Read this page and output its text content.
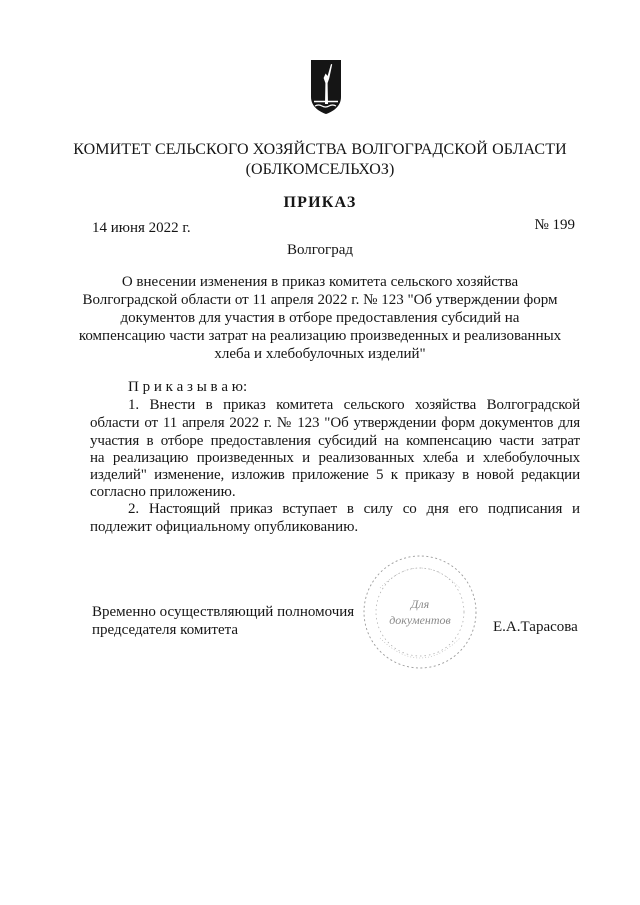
КОМИТЕТ СЕЛЬСКОГО ХОЗЯЙСТВА ВОЛГОГРАДСКОЙ ОБЛАСТИ
(ОБЛКОМСЕЛЬХОЗ)
ПРИКАЗ
14 июня 2022 г.	№ 199
Волгоград
О внесении изменения в приказ комитета сельского хозяйства
Волгоградской области от 11 апреля 2022 г. № 123 "Об утверждении форм
документов для участия в отборе предоставления субсидий на
компенсацию части затрат на реализацию произведенных и реализованных
хлеба и хлебобулочных изделий"
П р и к а з ы в а ю:
1. Внести в приказ комитета сельского хозяйства Волгоградской
области от 11 апреля 2022 г. № 123 "Об утверждении форм документов для
участия в отборе предоставления субсидий на компенсацию части затрат
на реализацию произведенных и реализованных хлеба и хлебобулочных
изделий" изменение, изложив приложение 5 к приказу в новой редакции
согласно приложению.
2. Настоящий приказ вступает в силу со дня его подписания и
подлежит официальному опубликованию.
Для
документов
Временно осуществляющий полномочия
председателя комитета	Е.А.Тарасова
